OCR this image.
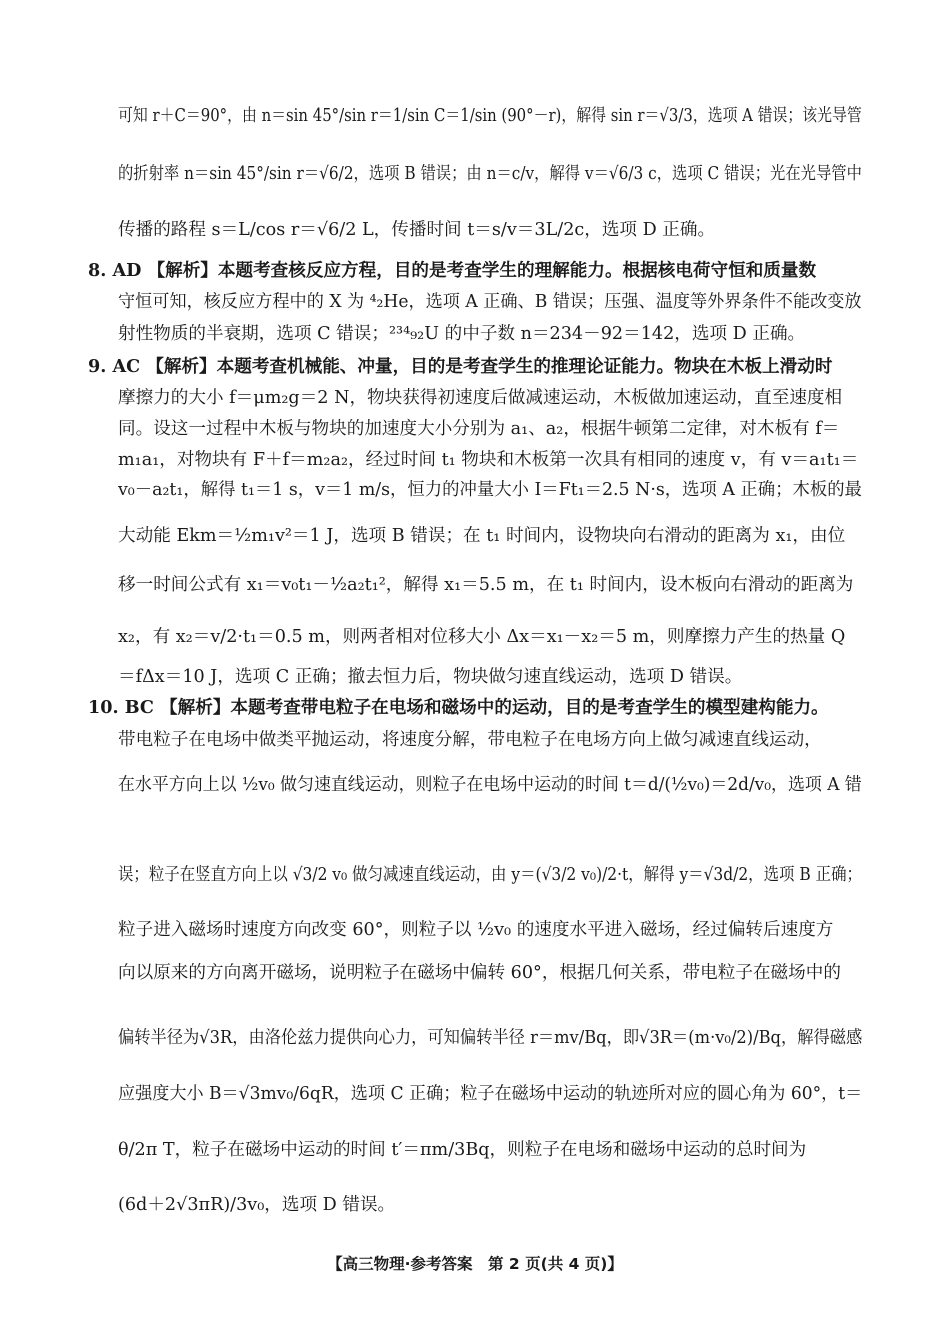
可知 r＋C＝90°，由 n＝sin 45°/sin r＝1/sin C＝1/sin (90°－r)，解得 sin r＝√3/3，选项 A 错误；该光导管
的折射率 n＝sin 45°/sin r＝√6/2，选项 B 错误；由 n＝c/v，解得 v＝√6/3 c，选项 C 错误；光在光导管中
传播的路程 s＝L/cos r＝√6/2 L，传播时间 t＝s/v＝3L/2c，选项 D 正确。
8. AD 【解析】本题考查核反应方程，目的是考查学生的理解能力。根据核电荷守恒和质量数
守恒可知，核反应方程中的 X 为 ⁴₂He，选项 A 正确、B 错误；压强、温度等外界条件不能改变放
射性物质的半衰期，选项 C 错误；²³⁴₉₂U 的中子数 n＝234－92＝142，选项 D 正确。
9. AC 【解析】本题考查机械能、冲量，目的是考查学生的推理论证能力。物块在木板上滑动时
摩擦力的大小 f＝μm₂g＝2 N，物块获得初速度后做减速运动，木板做加速运动，直至速度相
同。设这一过程中木板与物块的加速度大小分别为 a₁、a₂，根据牛顿第二定律，对木板有 f＝
m₁a₁，对物块有 F＋f＝m₂a₂，经过时间 t₁ 物块和木板第一次具有相同的速度 v，有 v＝a₁t₁＝
v₀－a₂t₁，解得 t₁＝1 s，v＝1 m/s，恒力的冲量大小 I＝Ft₁＝2.5 N·s，选项 A 正确；木板的最
大动能 Ekm＝½m₁v²＝1 J，选项 B 错误；在 t₁ 时间内，设物块向右滑动的距离为 x₁，由位
移一时间公式有 x₁＝v₀t₁－½a₂t₁²，解得 x₁＝5.5 m，在 t₁ 时间内，设木板向右滑动的距离为
x₂，有 x₂＝v/2·t₁＝0.5 m，则两者相对位移大小 Δx＝x₁－x₂＝5 m，则摩擦力产生的热量 Q
＝fΔx＝10 J，选项 C 正确；撤去恒力后，物块做匀速直线运动，选项 D 错误。
10. BC 【解析】本题考查带电粒子在电场和磁场中的运动，目的是考查学生的模型建构能力。
带电粒子在电场中做类平抛运动，将速度分解，带电粒子在电场方向上做匀减速直线运动，
在水平方向上以 ½v₀ 做匀速直线运动，则粒子在电场中运动的时间 t＝d/(½v₀)＝2d/v₀，选项 A 错
误；粒子在竖直方向上以 √3/2 v₀ 做匀减速直线运动，由 y＝(√3/2 v₀)/2·t，解得 y＝√3d/2，选项 B 正确；
粒子进入磁场时速度方向改变 60°，则粒子以 ½v₀ 的速度水平进入磁场，经过偏转后速度方
向以原来的方向离开磁场，说明粒子在磁场中偏转 60°，根据几何关系，带电粒子在磁场中的
偏转半径为√3R，由洛伦兹力提供向心力，可知偏转半径 r＝mv/Bq，即√3R＝(m·v₀/2)/Bq，解得磁感
应强度大小 B＝√3mv₀/6qR，选项 C 正确；粒子在磁场中运动的轨迹所对应的圆心角为 60°，t＝
θ/2π T，粒子在磁场中运动的时间 t′＝πm/3Bq，则粒子在电场和磁场中运动的总时间为
(6d＋2√3πR)/3v₀，选项 D 错误。
【高三物理·参考答案　第 2 页(共 4 页)】
